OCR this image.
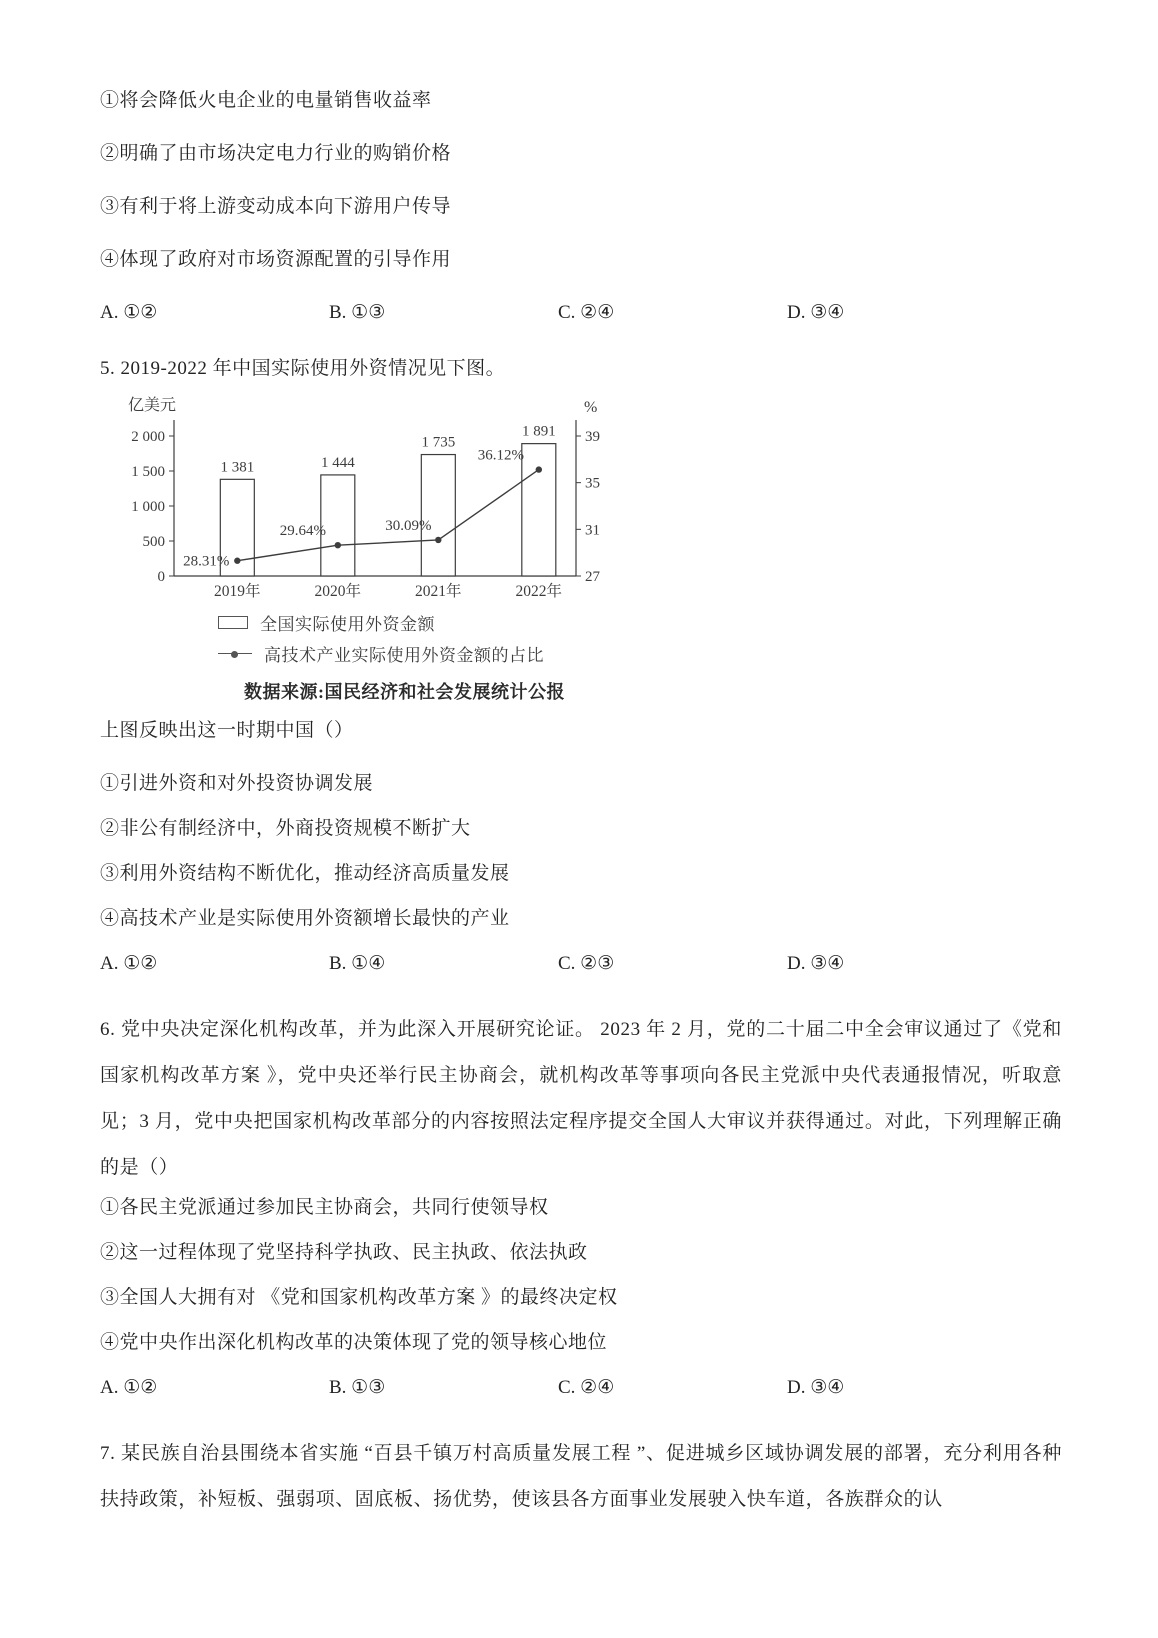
①将会降低火电企业的电量销售收益率
②明确了由市场决定电力行业的购销价格
③有利于将上游变动成本向下游用户传导
④体现了政府对市场资源配置的引导作用
A. ①②	B. ①③	C. ②④	D. ③④
5. 2019-2022 年中国实际使用外资情况见下图。
亿美元	%
2 000
1 500
1 000
500
0
39
35
31
27
2019年	2020年	2021年	2022年
1 381	1 444
1 735
1 891
28.31%
29.64%	30.09%
36.12%
全国实际使用外资金额
高技术产业实际使用外资金额的占比
数据来源:国民经济和社会发展统计公报
上图反映出这一时期中国（）
①引进外资和对外投资协调发展
②非公有制经济中，外商投资规模不断扩大
③利用外资结构不断优化，推动经济高质量发展
④高技术产业是实际使用外资额增长最快的产业
A. ①②	B. ①④	C. ②③	D. ③④

6. 党中央决定深化机构改革，并为此深入开展研究论证。 2023 年 2 月，党的二十届二中全会审议通过了《党和国家机构改革方案 》，党中央还举行民主协商会，就机构改革等事项向各民主党派中央代表通报情况，听取意见；3 月，党中央把国家机构改革部分的内容按照法定程序提交全国人大审议并获得通过。对此，下列理解正确的是（）

①各民主党派通过参加民主协商会，共同行使领导权
②这一过程体现了党坚持科学执政、民主执政、依法执政
③全国人大拥有对 《党和国家机构改革方案 》的最终决定权
④党中央作出深化机构改革的决策体现了党的领导核心地位
A. ①②	B. ①③	C. ②④	D. ③④

7. 某民族自治县围绕本省实施 “百县千镇万村高质量发展工程 ”、促进城乡区域协调发展的部署，充分利用各种扶持政策，补短板、强弱项、固底板、扬优势，使该县各方面事业发展驶入快车道，各族群众的认
